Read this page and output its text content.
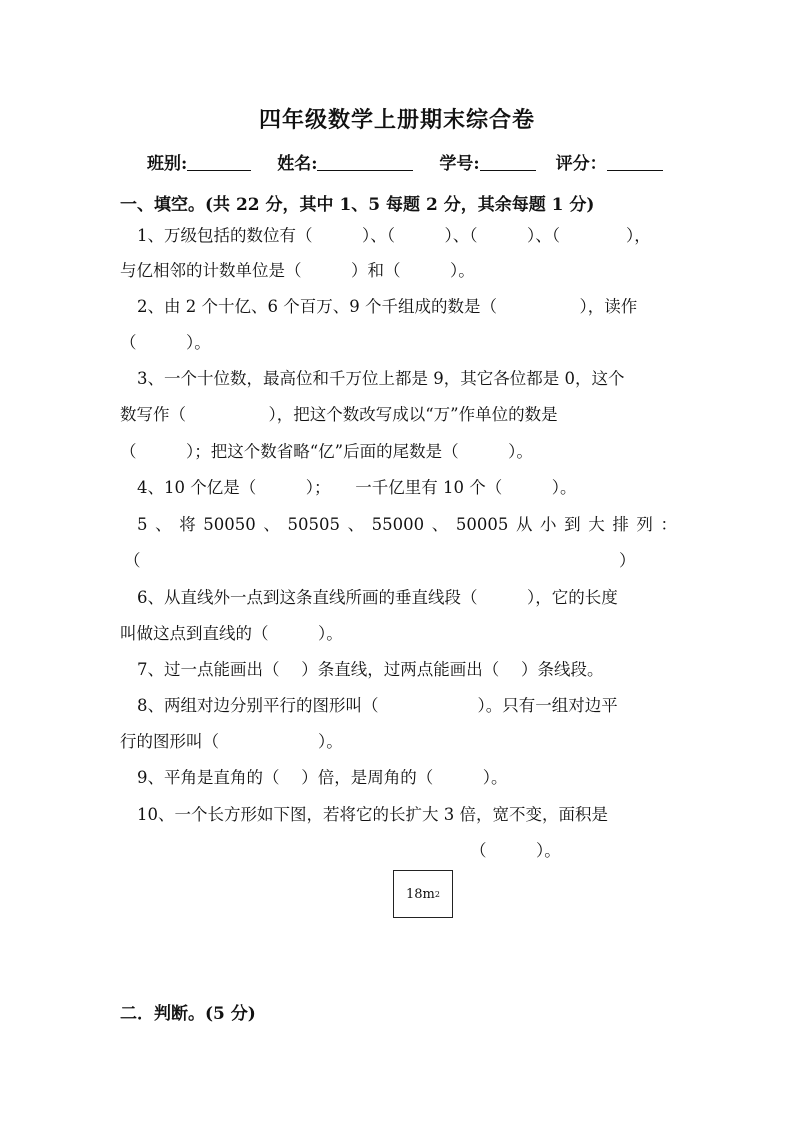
四年级数学上册期末综合卷
班别:	姓名:	学号:	评分：
一、填空。(共 22 分，其中 1、5 每题 2 分，其余每题 1 分)
1、万级包括的数位有（　　　）、（　　　）、（　　　）、（　　　　），
与亿相邻的计数单位是（　　　）和（　　　）。
2、由 2 个十亿、6 个百万、9 个千组成的数是（　　　　　），读作
（　　　）。
3、一个十位数，最高位和千万位上都是 9，其它各位都是 0，这个
数写作（　　　　　），把这个数改写成以“万”作单位的数是
（　　　）；把这个数省略“亿”后面的尾数是（　　　）。
4、10 个亿是（　　　）；　　一千亿里有 10 个（　　　）。
5 、 将 50050 、 50505 、 55000 、 50005 从 小 到 大 排 列 ：
（　　　　　　　　　　　　　　　　　　　　　　　　　　　　　）
6、从直线外一点到这条直线所画的垂直线段（　　　），它的长度
叫做这点到直线的（　　　）。
7、过一点能画出（　 ）条直线，过两点能画出（　 ）条线段。
8、两组对边分别平行的图形叫（　　　　　　）。只有一组对边平
行的图形叫（　　　　　　）。
9、平角是直角的（　 ）倍，是周角的（　　　）。
10、一个长方形如下图，若将它的长扩大 3 倍，宽不变，面积是
（　　　）。
18m 2
二．判断。(5 分)
